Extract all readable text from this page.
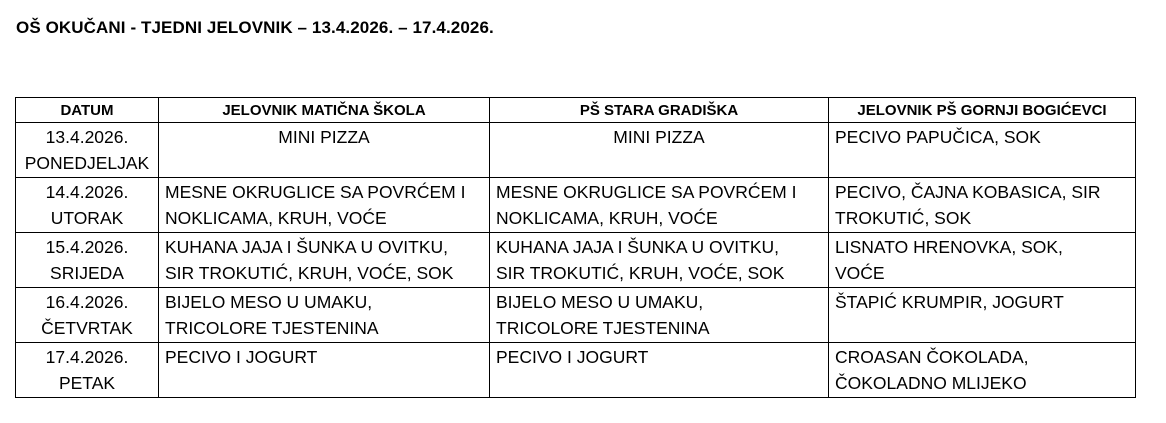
OŠ OKUČANI - TJEDNI JELOVNIK – 13.4.2026. – 17.4.2026.
DATUM	JELOVNIK MATIČNA ŠKOLA	PŠ STARA GRADIŠKA	JELOVNIK PŠ GORNJI BOGIĆEVCI

13.4.2026.
PONEDJELJAK	MINI PIZZA	MINI PIZZA	PECIVO PAPUČICA, SOK

14.4.2026.
UTORAK	MESNE OKRUGLICE SA POVRĆEM I
NOKLICAMA, KRUH, VOĆE	MESNE OKRUGLICE SA POVRĆEM I
NOKLICAMA, KRUH, VOĆE	PECIVO, ČAJNA KOBASICA, SIR
TROKUTIĆ, SOK

15.4.2026.
SRIJEDA	KUHANA JAJA I ŠUNKA U OVITKU,
SIR TROKUTIĆ, KRUH, VOĆE, SOK	KUHANA JAJA I ŠUNKA U OVITKU,
SIR TROKUTIĆ, KRUH, VOĆE, SOK	LISNATO HRENOVKA, SOK,
VOĆE

16.4.2026.
ČETVRTAK	BIJELO MESO U UMAKU,
TRICOLORE TJESTENINA	BIJELO MESO U UMAKU,
TRICOLORE TJESTENINA	ŠTAPIĆ KRUMPIR, JOGURT

17.4.2026.
PETAK	PECIVO I JOGURT	PECIVO I JOGURT	CROASAN ČOKOLADA,
ČOKOLADNO MLIJEKO
